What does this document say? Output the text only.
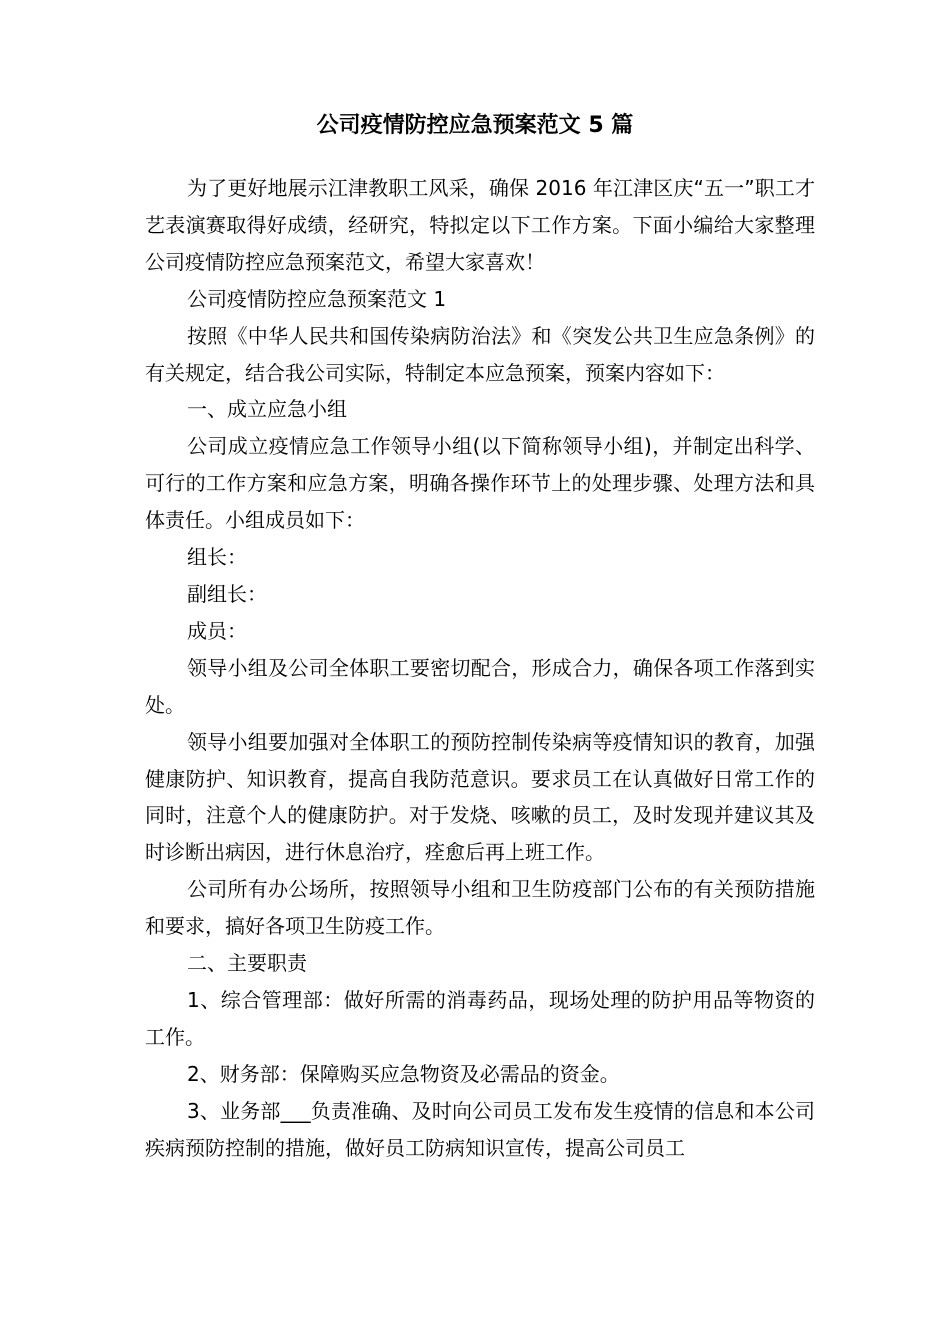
公司疫情防控应急预案范文 5 篇

为了更好地展示江津教职工风采，确保 2016 年江津区庆“五一”职工才艺表演赛取得好成绩，经研究，特拟定以下工作方案。下面小编给大家整理公司疫情防控应急预案范文，希望大家喜欢！

公司疫情防控应急预案范文 1

按照《中华人民共和国传染病防治法》和《突发公共卫生应急条例》的有关规定，结合我公司实际，特制定本应急预案，预案内容如下：

一、成立应急小组

公司成立疫情应急工作领导小组(以下简称领导小组)，并制定出科学、可行的工作方案和应急方案，明确各操作环节上的处理步骤、处理方法和具体责任。小组成员如下：

组长：

副组长：

成员：

领导小组及公司全体职工要密切配合，形成合力，确保各项工作落到实处。

领导小组要加强对全体职工的预防控制传染病等疫情知识的教育，加强健康防护、知识教育，提高自我防范意识。要求员工在认真做好日常工作的同时，注意个人的健康防护。对于发烧、咳嗽的员工，及时发现并建议其及时诊断出病因，进行休息治疗，痊愈后再上班工作。

公司所有办公场所，按照领导小组和卫生防疫部门公布的有关预防措施和要求，搞好各项卫生防疫工作。

二、主要职责

1、综合管理部：做好所需的消毒药品，现场处理的防护用品等物资的工作。

2、财务部：保障购买应急物资及必需品的资金。

3、业务部___负责准确、及时向公司员工发布发生疫情的信息和本公司疾病预防控制的措施，做好员工防病知识宣传，提高公司员工
